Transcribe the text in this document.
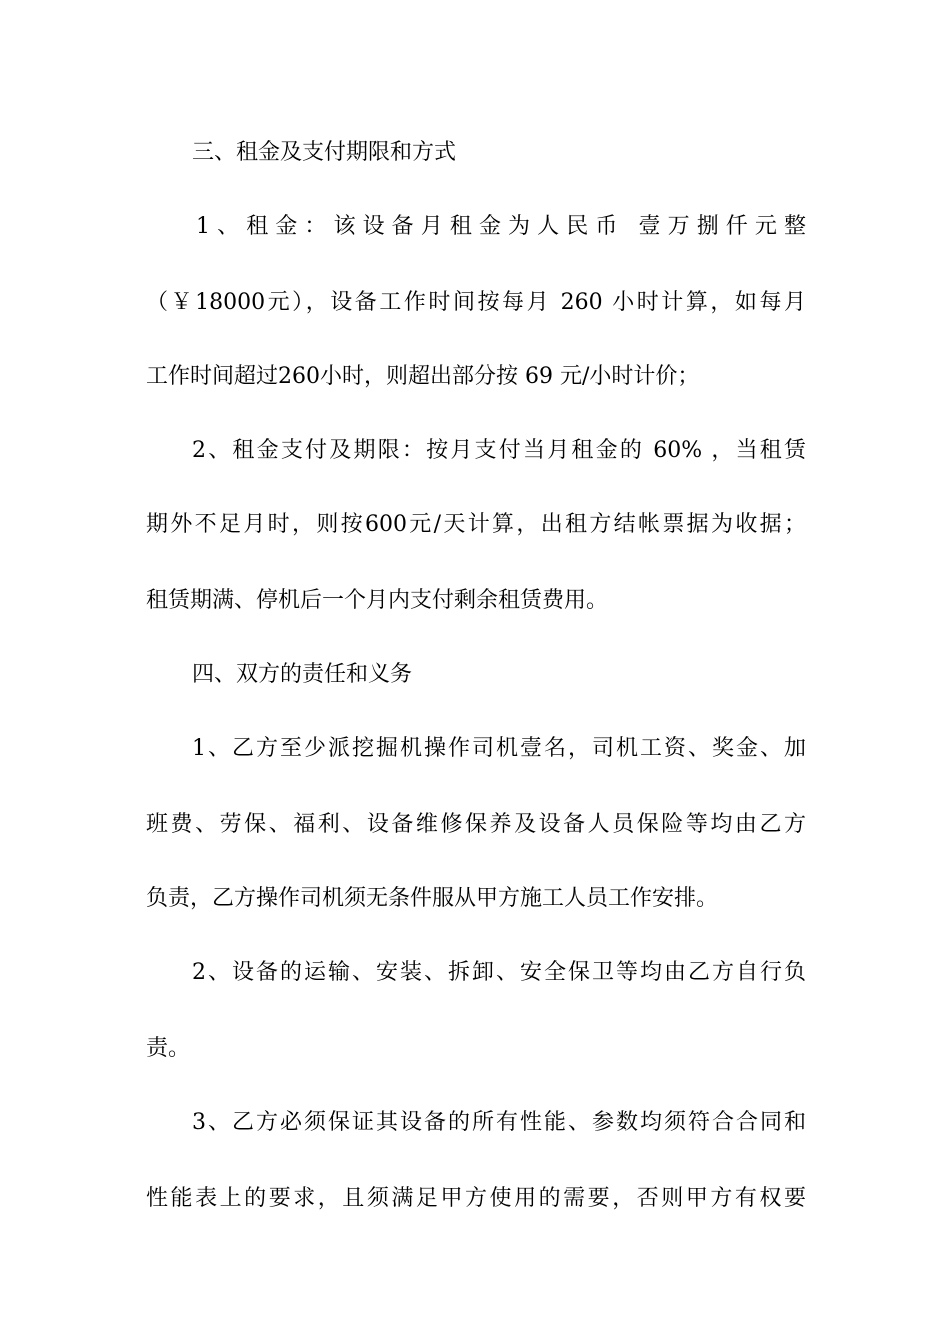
三、租金及支付期限和方式
1、租金：该设备月租金为人民币 壹万捌仟元整
（￥18000元），设备工作时间按每月 260 小时计算，如每月
工作时间超过260小时，则超出部分按 69 元/小时计价；
2、租金支付及期限：按月支付当月租金的 60% ，当租赁
期外不足月时，则按600元/天计算，出租方结帐票据为收据；
租赁期满、停机后一个月内支付剩余租赁费用。
四、双方的责任和义务
1、乙方至少派挖掘机操作司机壹名，司机工资、奖金、加
班费、劳保、福利、设备维修保养及设备人员保险等均由乙方
负责，乙方操作司机须无条件服从甲方施工人员工作安排。
2、设备的运输、安装、拆卸、安全保卫等均由乙方自行负
责。
3、乙方必须保证其设备的所有性能、参数均须符合合同和
性能表上的要求，且须满足甲方使用的需要，否则甲方有权要
